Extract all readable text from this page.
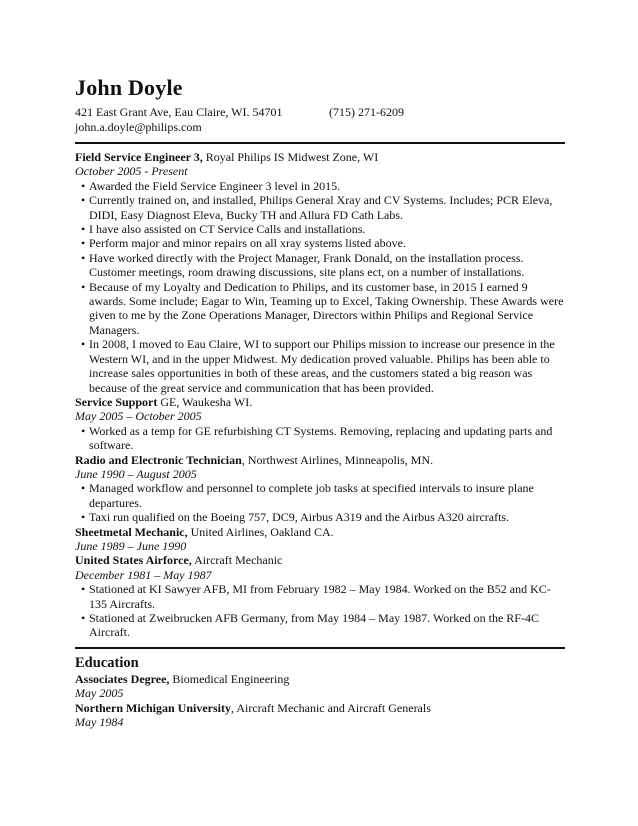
John Doyle
421 East Grant Ave, Eau Claire, WI. 54701	(715) 271-6209
john.a.doyle@philips.com
Field Service Engineer 3, Royal Philips IS Midwest Zone, WI
October 2005 - Present
• Awarded the Field Service Engineer 3 level in 2015.
• Currently trained on, and installed, Philips General Xray and CV Systems. Includes; PCR Eleva, DIDI, Easy Diagnost Eleva, Bucky TH and Allura FD Cath Labs.
• I have also assisted on CT Service Calls and installations.
• Perform major and minor repairs on all xray systems listed above.
• Have worked directly with the Project Manager, Frank Donald, on the installation process. Customer meetings, room drawing discussions, site plans ect, on a number of installations.
• Because of my Loyalty and Dedication to Philips, and its customer base, in 2015 I earned 9 awards. Some include; Eagar to Win, Teaming up to Excel, Taking Ownership. These Awards were given to me by the Zone Operations Manager, Directors within Philips and Regional Service Managers.
• In 2008, I moved to Eau Claire, WI to support our Philips mission to increase our presence in the Western WI, and in the upper Midwest. My dedication proved valuable. Philips has been able to increase sales opportunities in both of these areas, and the customers stated a big reason was because of the great service and communication that has been provided.
Service Support GE, Waukesha WI.
May 2005 – October 2005
• Worked as a temp for GE refurbishing CT Systems. Removing, replacing and updating parts and software.
Radio and Electronic Technician, Northwest Airlines, Minneapolis, MN.
June 1990 – August 2005
• Managed workflow and personnel to complete job tasks at specified intervals to insure plane departures.
• Taxi run qualified on the Boeing 757, DC9, Airbus A319 and the Airbus A320 aircrafts.
Sheetmetal Mechanic, United Airlines, Oakland CA.
June 1989 – June 1990
United States Airforce, Aircraft Mechanic
December 1981 – May 1987
• Stationed at KI Sawyer AFB, MI from February 1982 – May 1984. Worked on the B52 and KC-135 Aircrafts.
• Stationed at Zweibrucken AFB Germany, from May 1984 – May 1987. Worked on the RF-4C Aircraft.
Education
Associates Degree, Biomedical Engineering
May 2005
Northern Michigan University, Aircraft Mechanic and Aircraft Generals
May 1984
